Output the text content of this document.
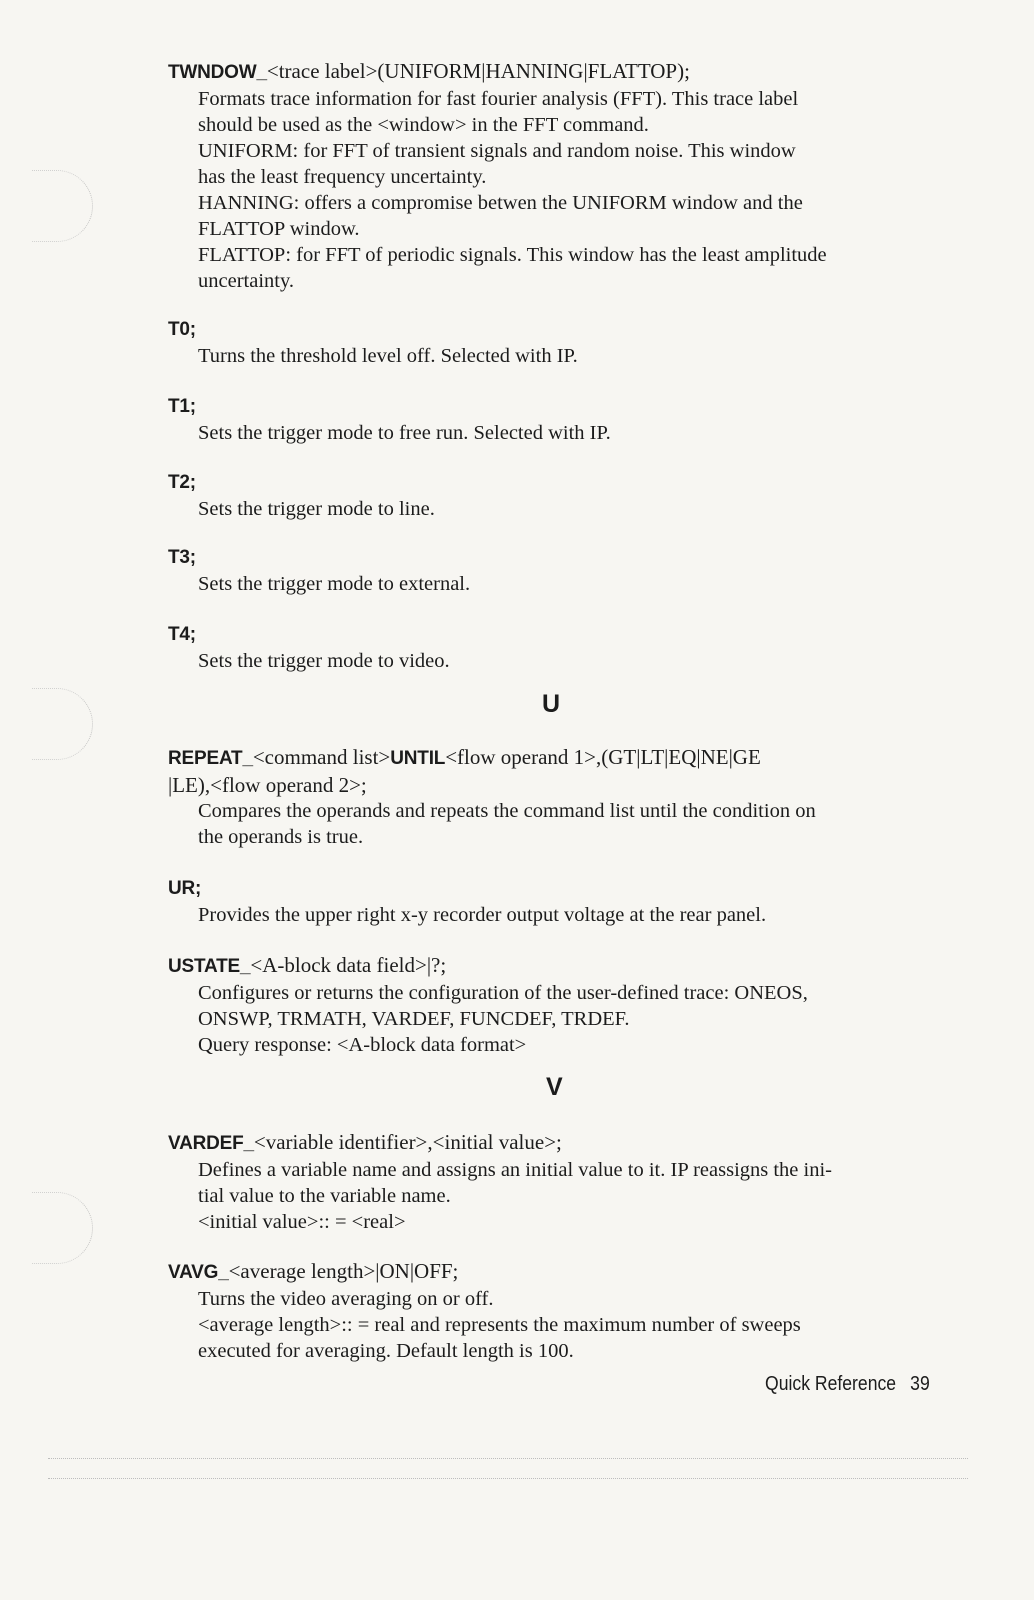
TWNDOW_<trace label>(UNIFORM|HANNING|FLATTOP);
Formats trace information for fast fourier analysis (FFT). This trace label
should be used as the <window> in the FFT command.
UNIFORM: for FFT of transient signals and random noise. This window
has the least frequency uncertainty.
HANNING: offers a compromise betwen the UNIFORM window and the
FLATTOP window.
FLATTOP: for FFT of periodic signals. This window has the least amplitude
uncertainty.
T0;
Turns the threshold level off. Selected with IP.
T1;
Sets the trigger mode to free run. Selected with IP.
T2;
Sets the trigger mode to line.
T3;
Sets the trigger mode to external.
T4;
Sets the trigger mode to video.
U
REPEAT_<command list>UNTIL<flow operand 1>,(GT|LT|EQ|NE|GE
|LE),<flow operand 2>;
Compares the operands and repeats the command list until the condition on
the operands is true.
UR;
Provides the upper right x-y recorder output voltage at the rear panel.
USTATE_<A-block data field>|?;
Configures or returns the configuration of the user-defined trace: ONEOS,
ONSWP, TRMATH, VARDEF, FUNCDEF, TRDEF.
Query response: <A-block data format>
V
VARDEF_<variable identifier>,<initial value>;
Defines a variable name and assigns an initial value to it. IP reassigns the ini-
tial value to the variable name.
<initial value>:: = <real>
VAVG_<average length>|ON|OFF;
Turns the video averaging on or off.
<average length>:: = real and represents the maximum number of sweeps
executed for averaging. Default length is 100.
Quick Reference 39
